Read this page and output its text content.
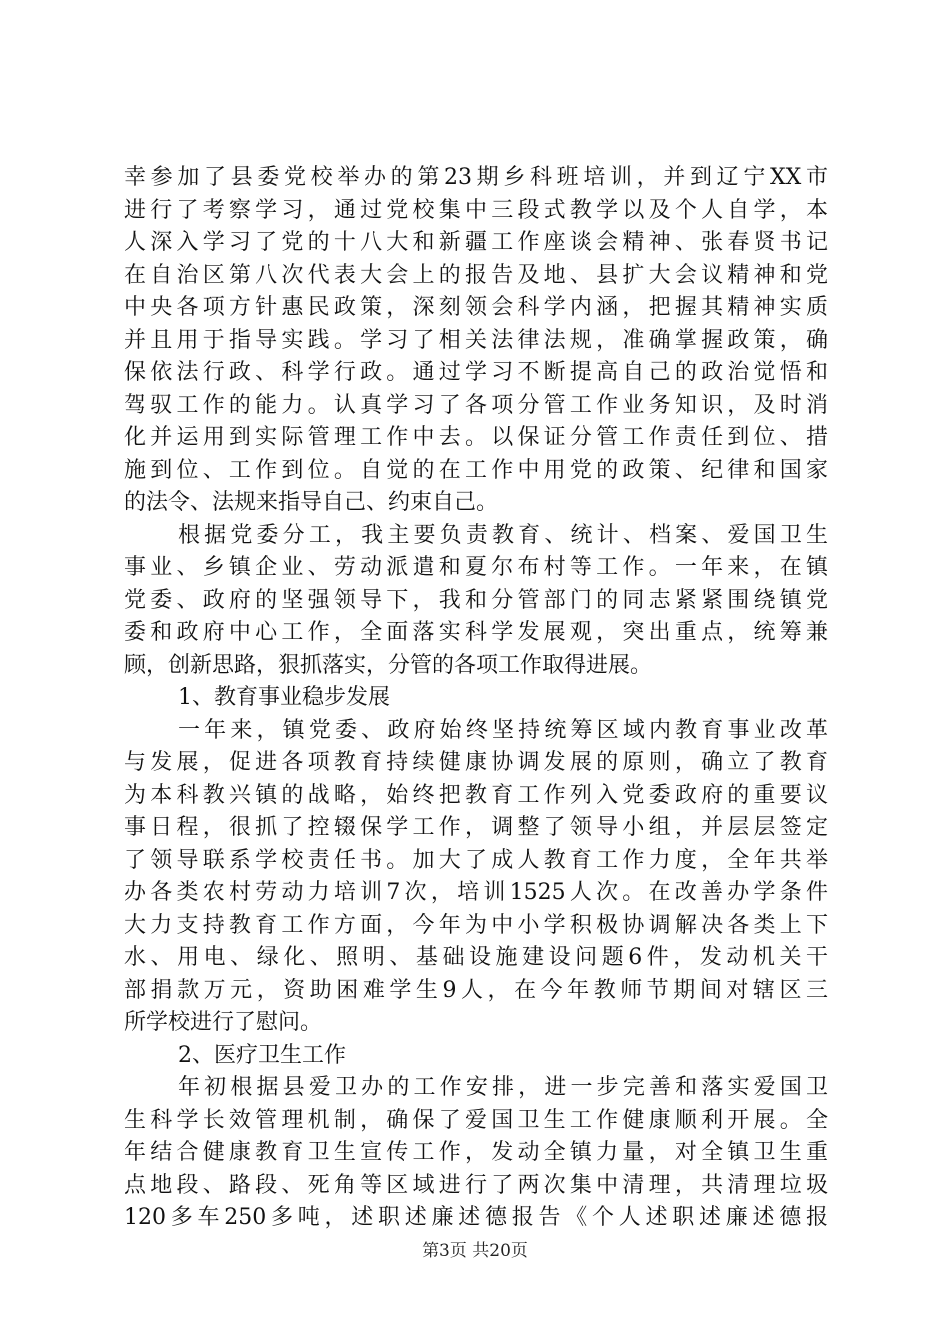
幸参加了县委党校举办的第23期乡科班培训，并到辽宁XX市
进行了考察学习，通过党校集中三段式教学以及个人自学，本
人深入学习了党的十八大和新疆工作座谈会精神、张春贤书记
在自治区第八次代表大会上的报告及地、县扩大会议精神和党
中央各项方针惠民政策，深刻领会科学内涵，把握其精神实质
并且用于指导实践。学习了相关法律法规，准确掌握政策，确
保依法行政、科学行政。通过学习不断提高自己的政治觉悟和
驾驭工作的能力。认真学习了各项分管工作业务知识，及时消
化并运用到实际管理工作中去。以保证分管工作责任到位、措
施到位、工作到位。自觉的在工作中用党的政策、纪律和国家
的法令、法规来指导自己、约束自己。
根据党委分工，我主要负责教育、统计、档案、爱国卫生
事业、乡镇企业、劳动派遣和夏尔布村等工作。一年来，在镇
党委、政府的坚强领导下，我和分管部门的同志紧紧围绕镇党
委和政府中心工作，全面落实科学发展观，突出重点，统筹兼
顾，创新思路，狠抓落实，分管的各项工作取得进展。
1、教育事业稳步发展
一年来，镇党委、政府始终坚持统筹区域内教育事业改革
与发展，促进各项教育持续健康协调发展的原则，确立了教育
为本科教兴镇的战略，始终把教育工作列入党委政府的重要议
事日程，很抓了控辍保学工作，调整了领导小组，并层层签定
了领导联系学校责任书。加大了成人教育工作力度，全年共举
办各类农村劳动力培训7次，培训1525人次。在改善办学条件
大力支持教育工作方面，今年为中小学积极协调解决各类上下
水、用电、绿化、照明、基础设施建设问题6件，发动机关干
部捐款万元，资助困难学生9人，在今年教师节期间对辖区三
所学校进行了慰问。
2、医疗卫生工作
年初根据县爱卫办的工作安排，进一步完善和落实爱国卫
生科学长效管理机制，确保了爱国卫生工作健康顺利开展。全
年结合健康教育卫生宣传工作，发动全镇力量，对全镇卫生重
点地段、路段、死角等区域进行了两次集中清理，共清理垃圾
120多车250多吨，述职述廉述德报告《个人述职述廉述德报
第3页 共20页
